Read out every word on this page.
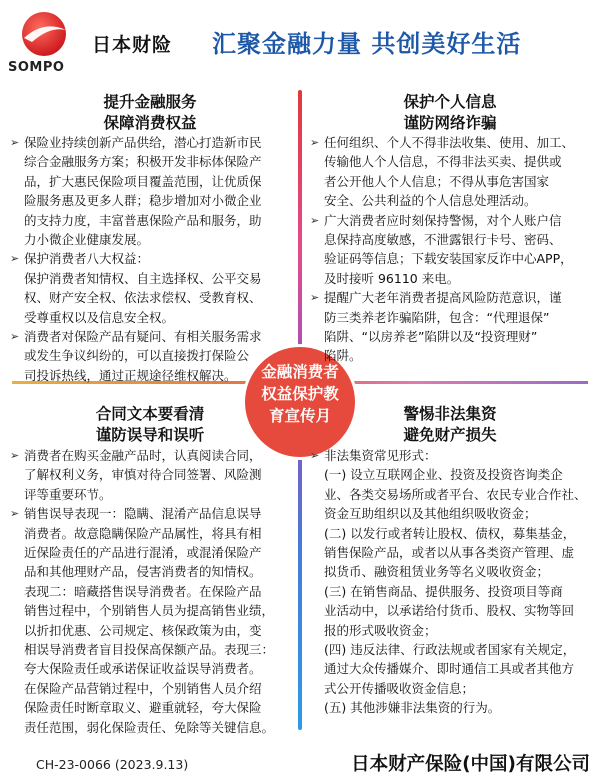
日本财险
SOMPO
汇聚金融力量 共创美好生活
金融消费者
权益保护教
育宣传月
提升金融服务
保障消费权益
➢ 保险业持续创新产品供给，潜心打造新市民
综合金融服务方案；积极开发非标体保险产
品，扩大惠民保险项目覆盖范围，让优质保
险服务惠及更多人群；稳步增加对小微企业
的支持力度，丰富普惠保险产品和服务，助
力小微企业健康发展。
➢ 保护消费者八大权益：
保护消费者知情权、自主选择权、公平交易
权、财产安全权、依法求偿权、受教育权、
受尊重权以及信息安全权。
➢ 消费者对保险产品有疑问、有相关服务需求
或发生争议纠纷的，可以直接拨打保险公
司投诉热线，通过正规途径维权解决。
保护个人信息
谨防网络诈骗
➢ 任何组织、个人不得非法收集、使用、加工、
传输他人个人信息，不得非法买卖、提供或
者公开他人个人信息；不得从事危害国家
安全、公共利益的个人信息处理活动。
➢ 广大消费者应时刻保持警惕，对个人账户信
息保持高度敏感，不泄露银行卡号、密码、
验证码等信息；下载安装国家反诈中心APP，
及时接听 96110 来电。
➢ 提醒广大老年消费者提高风险防范意识，谨
防三类养老诈骗陷阱，包含：“代理退保”
陷阱、“以房养老”陷阱以及“投资理财”
陷阱。
合同文本要看清
谨防误导和误听
➢ 消费者在购买金融产品时，认真阅读合同，
了解权利义务，审慎对待合同签署、风险测
评等重要环节。
➢ 销售误导表现一：隐瞒、混淆产品信息误导
消费者。故意隐瞒保险产品属性，将具有相
近保险责任的产品进行混淆，或混淆保险产
品和其他理财产品，侵害消费者的知情权。
表现二：暗藏搭售误导消费者。在保险产品
销售过程中，个别销售人员为提高销售业绩，
以折扣优惠、公司规定、核保政策为由，变
相误导消费者盲目投保高保额产品。表现三：
夸大保险责任或承诺保证收益误导消费者。
在保险产品营销过程中，个别销售人员介绍
保险责任时断章取义、避重就轻，夸大保险
责任范围，弱化保险责任、免除等关键信息。
警惕非法集资
避免财产损失
➢ 非法集资常见形式：
(一) 设立互联网企业、投资及投资咨询类企
业、各类交易场所或者平台、农民专业合作社、
资金互助组织以及其他组织吸收资金；
(二) 以发行或者转让股权、债权，募集基金，
销售保险产品，或者以从事各类资产管理、虚
拟货币、融资租赁业务等名义吸收资金；
(三) 在销售商品、提供服务、投资项目等商
业活动中，以承诺给付货币、股权、实物等回
报的形式吸收资金；
(四) 违反法律、行政法规或者国家有关规定，
通过大众传播媒介、即时通信工具或者其他方
式公开传播吸收资金信息；
(五) 其他涉嫌非法集资的行为。
CH-23-0066 (2023.9.13)	日本财产保险(中国)有限公司
